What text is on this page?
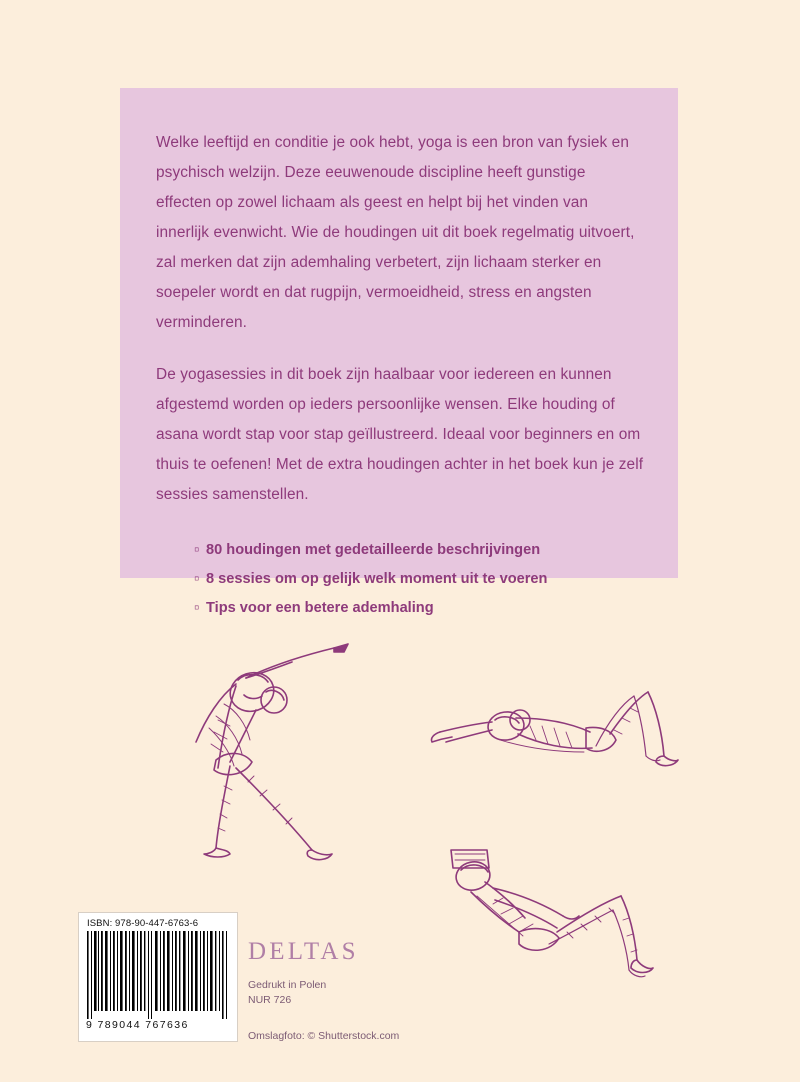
Welke leeftijd en conditie je ook hebt, yoga is een bron van fysiek en psychisch welzijn. Deze eeuwenoude discipline heeft gunstige effecten op zowel lichaam als geest en helpt bij het vinden van innerlijk evenwicht. Wie de houdingen uit dit boek regelmatig uitvoert, zal merken dat zijn ademhaling verbetert, zijn lichaam sterker en soepeler wordt en dat rugpijn, vermoeidheid, stress en angsten verminderen.

De yogasessies in dit boek zijn haalbaar voor iedereen en kunnen afgestemd worden op ieders persoonlijke wensen. Elke houding of asana wordt stap voor stap geïllustreerd. Ideaal voor beginners en om thuis te oefenen! Met de extra houdingen achter in het boek kun je zelf sessies samenstellen.

▫ 80 houdingen met gedetailleerde beschrijvingen
▫ 8 sessies om op gelijk welk moment uit te voeren
▫ Tips voor een betere ademhaling
ISBN: 978-90-447-6763-6
9 789044 767636
DELTAS

Gedrukt in Polen

NUR 726

Omslagfoto: © Shutterstock.com
